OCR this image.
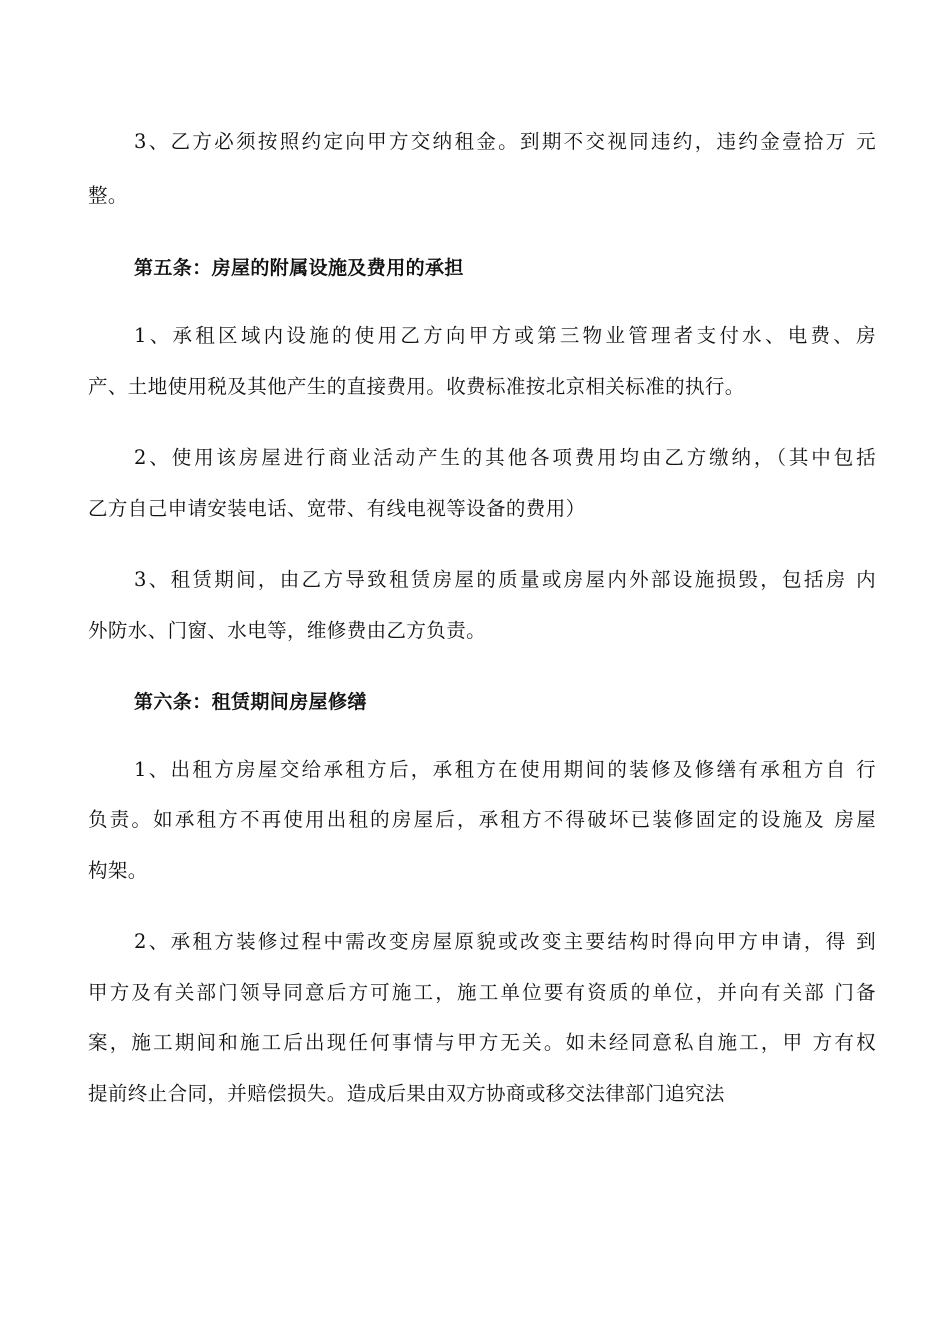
3、乙方必须按照约定向甲方交纳租金。到期不交视同违约，违约金壹拾万 元
整。
第五条：房屋的附属设施及费用的承担
1、承租区域内设施的使用乙方向甲方或第三物业管理者支付水、电费、房
产、土地使用税及其他产生的直接费用。收费标准按北京相关标准的执行。
2、使用该房屋进行商业活动产生的其他各项费用均由乙方缴纳，（其中包括
乙方自己申请安装电话、宽带、有线电视等设备的费用）
3、租赁期间，由乙方导致租赁房屋的质量或房屋内外部设施损毁，包括房 内
外防水、门窗、水电等，维修费由乙方负责。
第六条：租赁期间房屋修缮
1、出租方房屋交给承租方后，承租方在使用期间的装修及修缮有承租方自 行
负责。如承租方不再使用出租的房屋后，承租方不得破坏已装修固定的设施及 房屋
构架。
2、承租方装修过程中需改变房屋原貌或改变主要结构时得向甲方申请，得 到
甲方及有关部门领导同意后方可施工，施工单位要有资质的单位，并向有关部 门备
案，施工期间和施工后出现任何事情与甲方无关。如未经同意私自施工，甲 方有权
提前终止合同，并赔偿损失。造成后果由双方协商或移交法律部门追究法
